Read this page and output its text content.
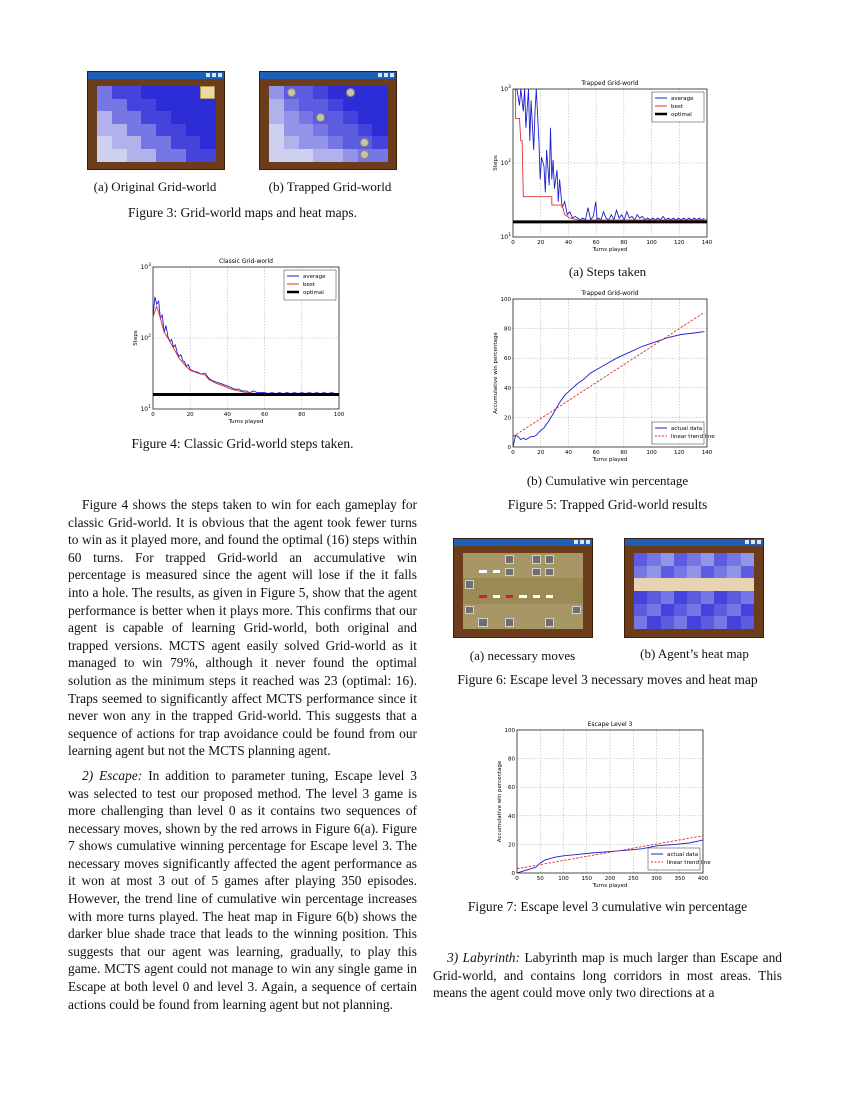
(a) Original Grid-world	(b) Trapped Grid-world
Figure 3: Grid-world maps and heat maps.
0	20	40	60	80	100
$10^1$
$10^2$
$10^3$
Classic Grid-world
Turns played
Steps
average
best
optimal
Figure 4: Classic Grid-world steps taken.
0	20	40	60	80	100	120	140
$10^1$
$10^2$
$10^3$
Trapped Grid-world
Turns played
Steps
average
best
optimal
(a) Steps taken
0	20	40	60	80	100	120	140
0
20
40
60
80
100
Trapped Grid-world
Turns played
Accumulative win percentage
actual data
linear trend line
(b) Cumulative win percentage
Figure 5: Trapped Grid-world results
(a) necessary moves	(b) Agent’s heat map
Figure 6: Escape level 3 necessary moves and heat map
0	50	100 150 200 250 300 350 400
0
20
40
60
80
100
Escape Level 3
Turns played
Accumulative win percentage
actual data
linear trend line
Figure 7: Escape level 3 cumulative win percentage

Figure 4 shows the steps taken to win for each gameplay for classic Grid-world. It is obvious that the agent took fewer turns to win as it played more, and found the optimal (16) steps within 60 turns. For trapped Grid-world an accumulative win percentage is measured since the agent will lose if the it falls into a hole. The results, as given in Figure 5, show that the agent performance is better when it plays more. This confirms that our agent is capable of learning Grid-world, both original and trapped versions. MCTS agent easily solved Grid-world as it managed to win 79%, although it never found the optimal solution as the minimum steps it reached was 23 (optimal: 16). Traps seemed to significantly affect MCTS performance since it never won any in the trapped Grid-world. This suggests that a sequence of actions for trap avoidance could be found from our learning agent but not the MCTS planning agent.

2) Escape: In addition to parameter tuning, Escape level 3 was selected to test our proposed method. The level 3 game is more challenging than level 0 as it contains two sequences of necessary moves, shown by the red arrows in Figure 6(a). Figure 7 shows cumulative winning percentage for Escape level 3. The necessary moves significantly affected the agent performance as it won at most 3 out of 5 games after playing 350 episodes. However, the trend line of cumulative win percentage increases with more turns played. The heat map in Figure 6(b) shows the darker blue shade trace that leads to the winning position. This suggests that our agent was learning, gradually, to play this game. MCTS agent could not manage to win any single game in Escape at both level 0 and level 3. Again, a sequence of certain actions could be found from learning agent but not planning.

3) Labyrinth: Labyrinth map is much larger than Escape and Grid-world, and contains long corridors in most areas. This means the agent could move only two directions at a
